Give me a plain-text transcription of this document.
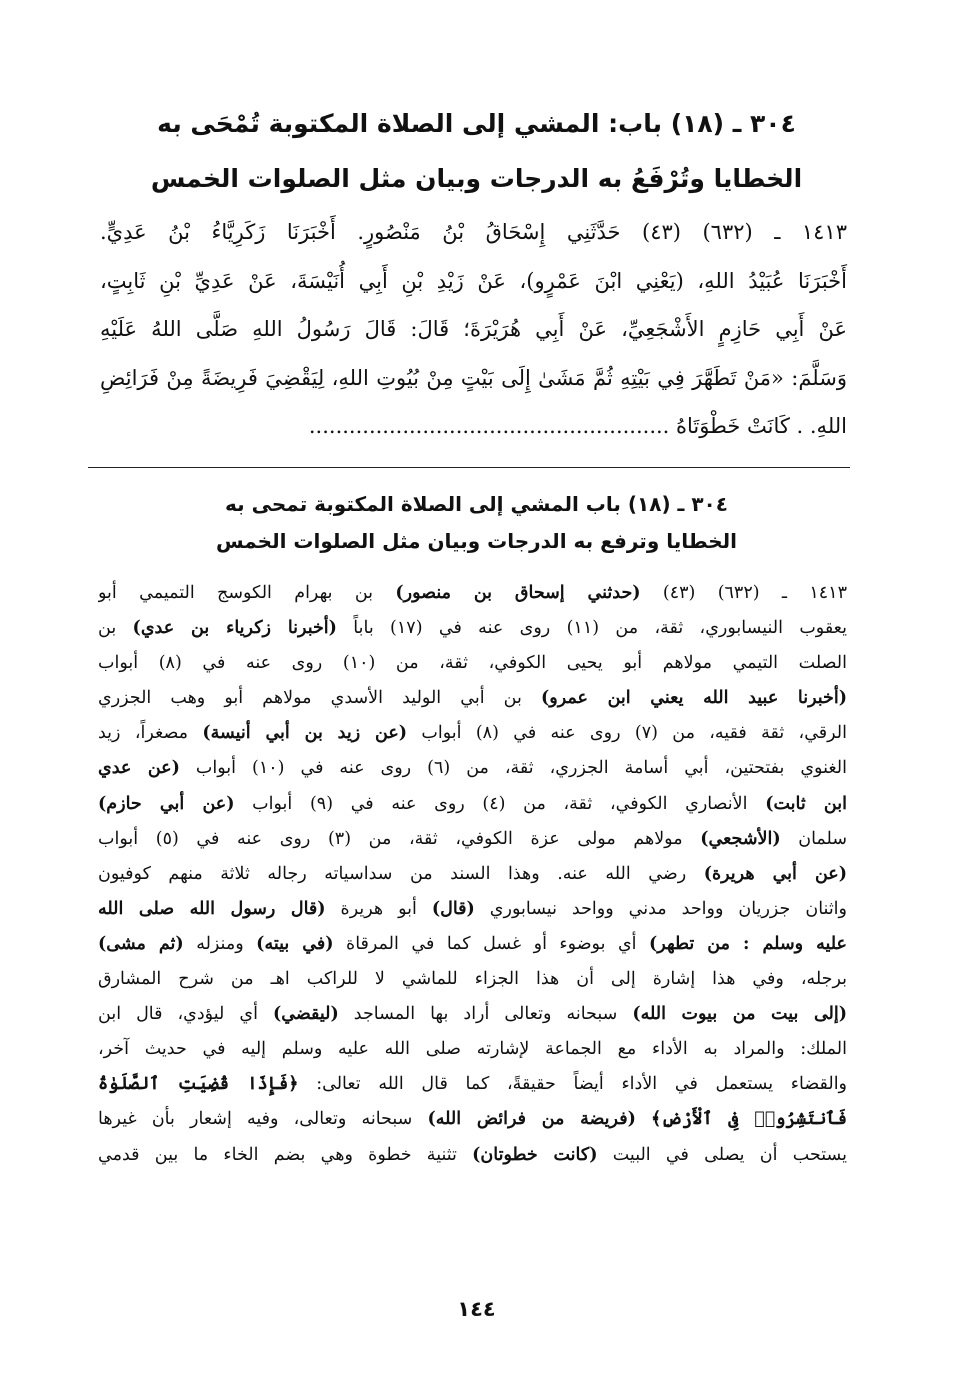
٣٠٤ ـ (١٨) باب: المشي إلى الصلاة المكتوبة تُمْحَى به
الخطايا وتُرْفَعُ به الدرجات وبيان مثل الصلوات الخمس
١٤١٣ ـ (٦٣٢) (٤٣) حَدَّثَنِي إِسْحَاقُ بْنُ مَنْصُورٍ. أَخْبَرَنَا زَكَرِيَّاءُ بْنُ عَدِيٍّ.
أَخْبَرَنَا عُبَيْدُ اللهِ، (يَعْنِي ابْنَ عَمْرٍو)، عَنْ زَيْدِ بْنِ أَبِي أُنَيْسَةَ، عَنْ عَدِيِّ بْنِ ثَابِتٍ،
عَنْ أَبِي حَازِمٍ الأَشْجَعِيِّ، عَنْ أَبِي هُرَيْرَةَ؛ قَالَ: قَالَ رَسُولُ اللهِ صَلَّى اللهُ عَلَيْهِ
وَسَلَّمَ: «مَنْ تَطَهَّرَ فِي بَيْتِهِ ثُمَّ مَشَىٰ إِلَى بَيْتٍ مِنْ بُيُوتِ اللهِ، لِيَقْضِيَ فَرِيضَةً مِنْ فَرَائِضِ
اللهِ. . كَانَتْ خَطْوَتَاهُ ......................................................
٣٠٤ ـ (١٨) باب المشي إلى الصلاة المكتوبة تمحى به
الخطايا وترفع به الدرجات وبيان مثل الصلوات الخمس
١٤١٣ ـ (٦٣٢) (٤٣) (حدثني إسحاق بن منصور) بن بهرام الكوسج التميمي أبو
يعقوب النيسابوري، ثقة، من (١١) روى عنه في (١٧) باباً (أخبرنا زكرياء بن عدي) بن
الصلت التيمي مولاهم أبو يحيى الكوفي، ثقة، من (١٠) روى عنه في (٨) أبواب
(أخبرنا عبيد الله يعني ابن عمرو) بن أبي الوليد الأسدي مولاهم أبو وهب الجزري
الرقي، ثقة فقيه، من (٧) روى عنه في (٨) أبواب (عن زيد بن أبي أنيسة) مصغراً، زيد
الغنوي بفتحتين، أبي أسامة الجزري، ثقة، من (٦) روى عنه في (١٠) أبواب (عن عدي
ابن ثابت) الأنصاري الكوفي، ثقة، من (٤) روى عنه في (٩) أبواب (عن أبي حازم)
سلمان (الأشجعي) مولاهم مولى عزة الكوفي، ثقة، من (٣) روى عنه في (٥) أبواب
(عن أبي هريرة) رضي الله عنه. وهذا السند من سداسياته رجاله ثلاثة منهم كوفيون
واثنان جزريان وواحد مدني وواحد نيسابوري (قال) أبو هريرة (قال رسول الله صلى الله
عليه وسلم : من تطهر) أي بوضوء أو غسل كما في المرقاة (في بيته) ومنزله (ثم مشى)
برجله، وفي هذا إشارة إلى أن هذا الجزاء للماشي لا للراكب اهـ من شرح المشارق
(إلى بيت من بيوت الله) سبحانه وتعالى أراد بها المساجد (ليقضي) أي ليؤدي، قال ابن
الملك: والمراد به الأداء مع الجماعة لإشارته صلى الله عليه وسلم إليه في حديث آخر،
والقضاء يستعمل في الأداء أيضاً حقيقةً، كما قال الله تعالى: ﴿فَإِذَا قُضِيَتِ ٱلصَّلَوٰةُ
فَٱنتَشِرُوا۟ فِى ٱلْأَرْضِ﴾ (فريضة من فرائض الله) سبحانه وتعالى، وفيه إشعار بأن غيرها
يستحب أن يصلى في البيت (كانت خطوتان) تثنية خطوة وهي بضم الخاء ما بين قدمي
١٤٤
